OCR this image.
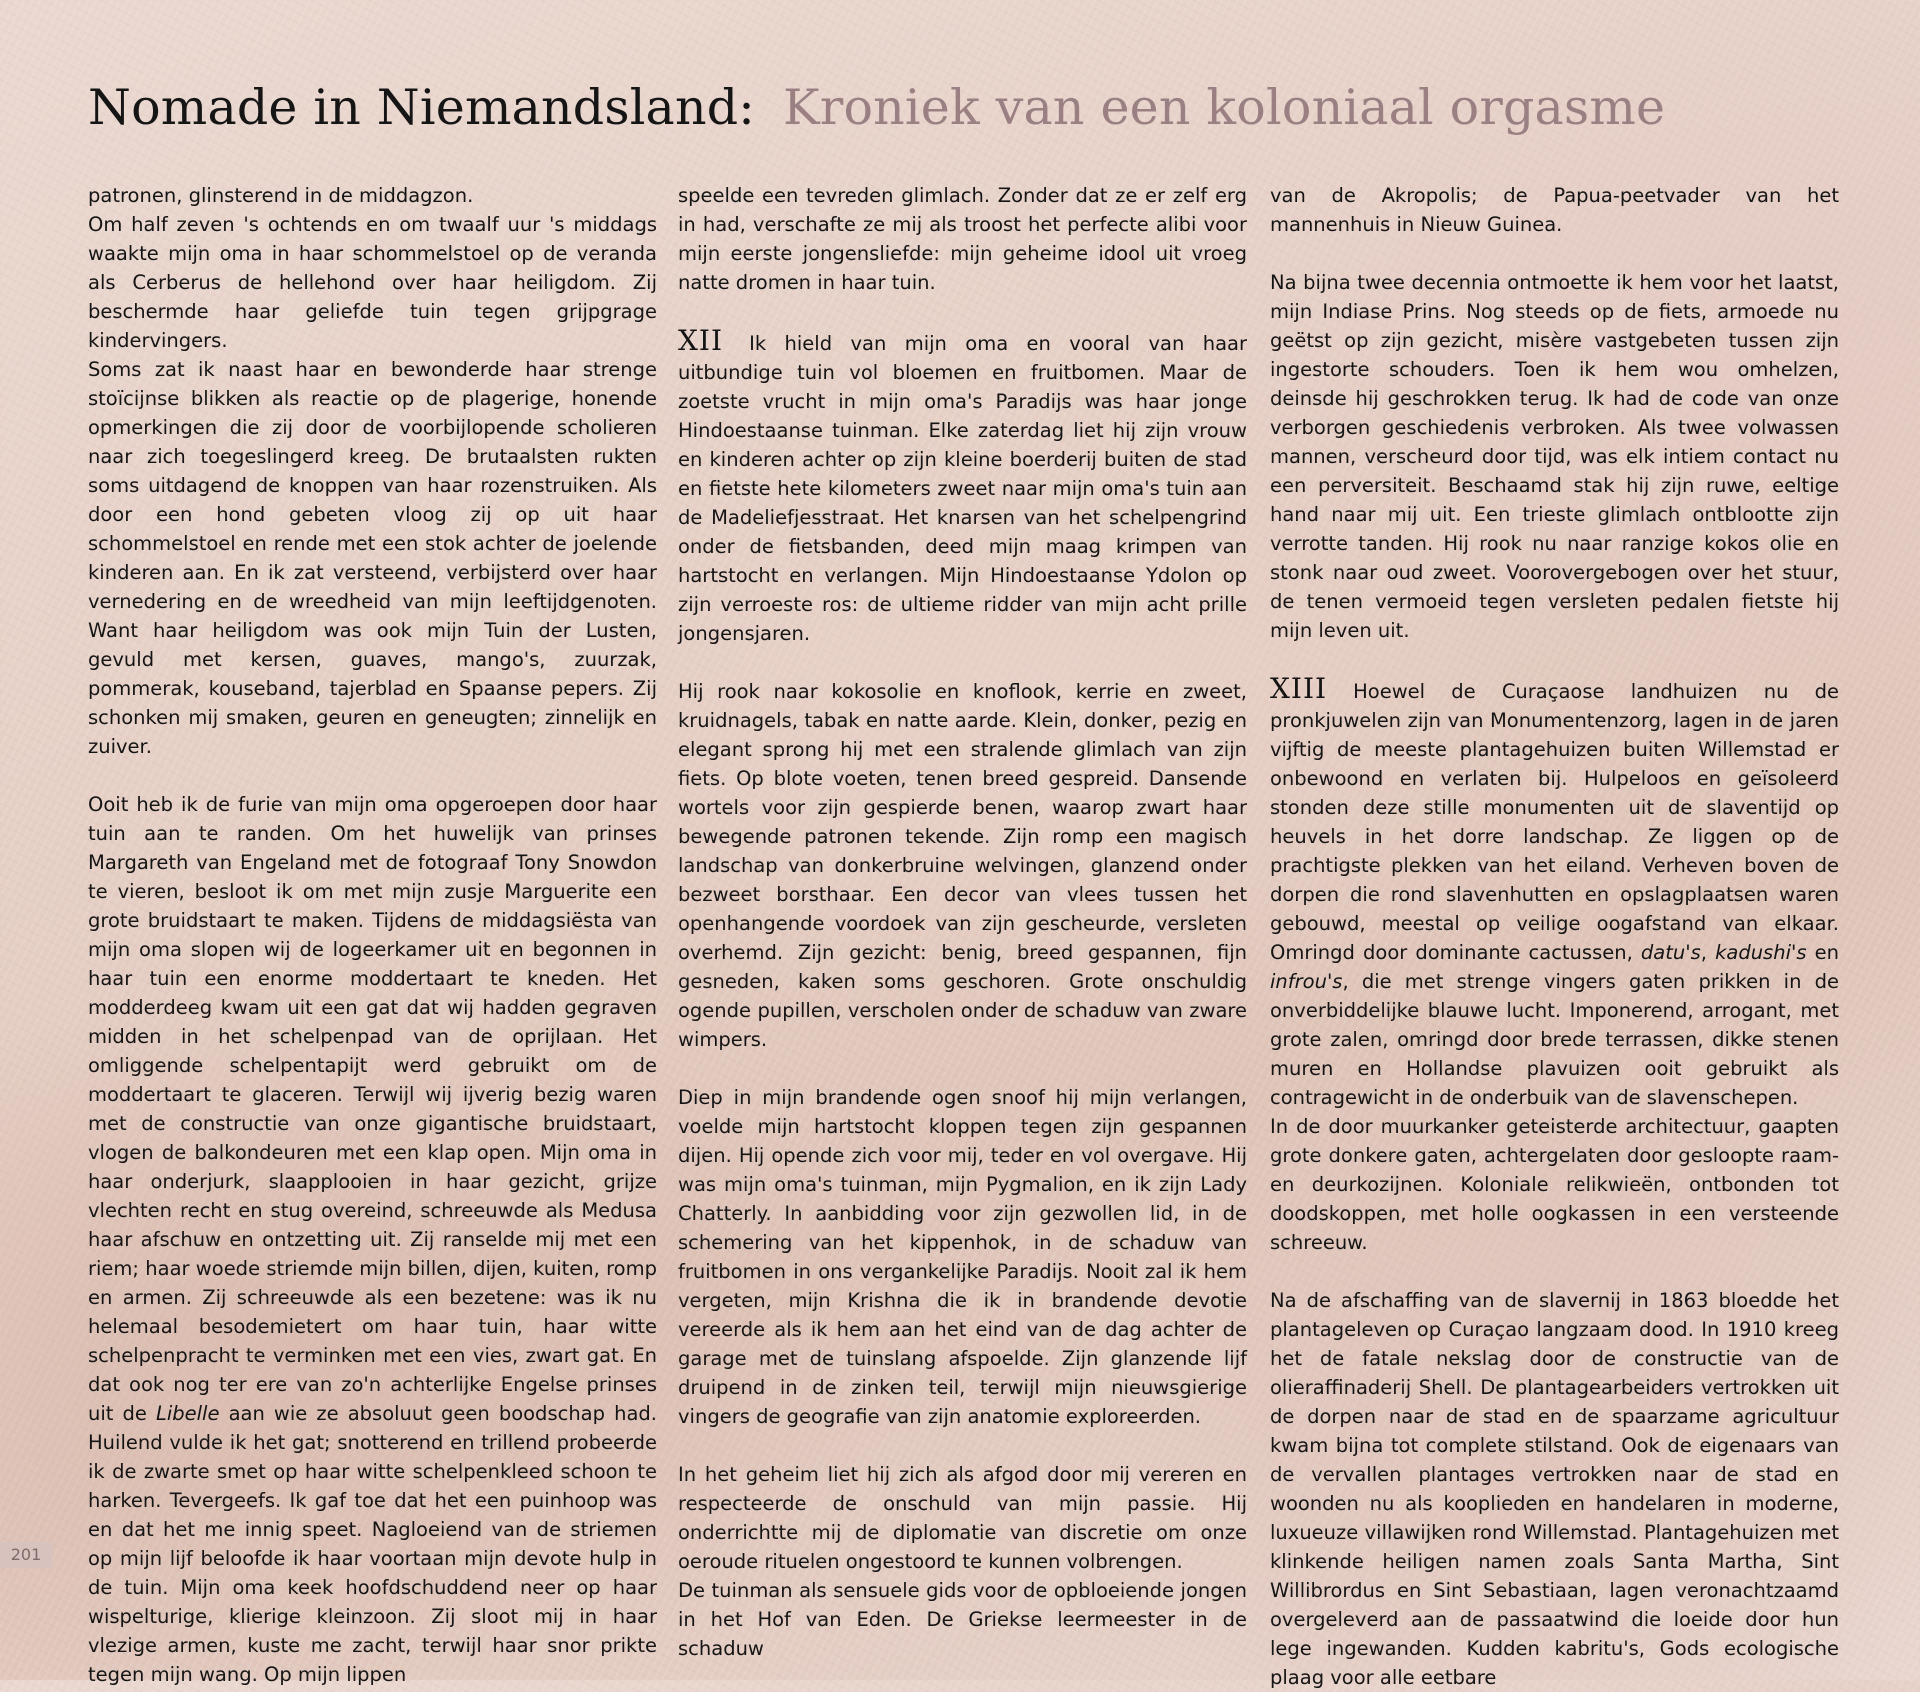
Nomade in Niemandsland: Kroniek van een koloniaal orgasme

patronen, glinsterend in de middagzon.

Om half zeven 's ochtends en om twaalf uur 's middags waakte mijn oma in haar schommelstoel op de veranda als Cerberus de hellehond over haar heiligdom. Zij beschermde haar geliefde tuin tegen grijpgrage kindervingers.

Soms zat ik naast haar en bewonderde haar strenge stoïcijnse blikken als reactie op de plagerige, honende opmerkingen die zij door de voorbijlopende scholieren naar zich toegeslingerd kreeg. De brutaalsten rukten soms uitdagend de knoppen van haar rozenstruiken. Als door een hond gebeten vloog zij op uit haar schommelstoel en rende met een stok achter de joelende kinderen aan. En ik zat versteend, verbijsterd over haar vernedering en de wreedheid van mijn leeftijdgenoten. Want haar heiligdom was ook mijn Tuin der Lusten, gevuld met kersen, guaves, mango's, zuurzak, pommerak, kouseband, tajerblad en Spaanse pepers. Zij schonken mij smaken, geuren en geneugten; zinnelijk en zuiver.

Ooit heb ik de furie van mijn oma opgeroepen door haar tuin aan te randen. Om het huwelijk van prinses Margareth van Engeland met de fotograaf Tony Snowdon te vieren, besloot ik om met mijn zusje Marguerite een grote bruidstaart te maken. Tijdens de middagsiësta van mijn oma slopen wij de logeerkamer uit en begonnen in haar tuin een enorme moddertaart te kneden. Het modderdeeg kwam uit een gat dat wij hadden gegraven midden in het schelpenpad van de oprijlaan. Het omliggende schelpentapijt werd gebruikt om de moddertaart te glaceren. Terwijl wij ijverig bezig waren met de constructie van onze gigantische bruidstaart, vlogen de balkondeuren met een klap open. Mijn oma in haar onderjurk, slaapplooien in haar gezicht, grijze vlechten recht en stug overeind, schreeuwde als Medusa haar afschuw en ontzetting uit. Zij ranselde mij met een riem; haar woede striemde mijn billen, dijen, kuiten, romp en armen. Zij schreeuwde als een bezetene: was ik nu helemaal besodemietert om haar tuin, haar witte schelpenpracht te verminken met een vies, zwart gat. En dat ook nog ter ere van zo'n achterlijke Engelse prinses uit de Libelle aan wie ze absoluut geen boodschap had. Huilend vulde ik het gat; snotterend en trillend probeerde ik de zwarte smet op haar witte schelpenkleed schoon te harken. Tevergeefs. Ik gaf toe dat het een puinhoop was en dat het me innig speet. Nagloeiend van de striemen op mijn lijf beloofde ik haar voortaan mijn devote hulp in de tuin. Mijn oma keek hoofdschuddend neer op haar wispelturige, klierige kleinzoon. Zij sloot mij in haar vlezige armen, kuste me zacht, terwijl haar snor prikte tegen mijn wang. Op mijn lippen

speelde een tevreden glimlach. Zonder dat ze er zelf erg in had, verschafte ze mij als troost het perfecte alibi voor mijn eerste jongensliefde: mijn geheime idool uit vroeg natte dromen in haar tuin.

XII Ik hield van mijn oma en vooral van haar uitbundige tuin vol bloemen en fruitbomen. Maar de zoetste vrucht in mijn oma's Paradijs was haar jonge Hindoestaanse tuinman. Elke zaterdag liet hij zijn vrouw en kinderen achter op zijn kleine boerderij buiten de stad en fietste hete kilometers zweet naar mijn oma's tuin aan de Madeliefjesstraat. Het knarsen van het schelpengrind onder de fietsbanden, deed mijn maag krimpen van hartstocht en verlangen. Mijn Hindoestaanse Ydolon op zijn verroeste ros: de ultieme ridder van mijn acht prille jongensjaren.

Hij rook naar kokosolie en knoflook, kerrie en zweet, kruidnagels, tabak en natte aarde. Klein, donker, pezig en elegant sprong hij met een stralende glimlach van zijn fiets. Op blote voeten, tenen breed gespreid. Dansende wortels voor zijn gespierde benen, waarop zwart haar bewegende patronen tekende. Zijn romp een magisch landschap van donkerbruine welvingen, glanzend onder bezweet borsthaar. Een decor van vlees tussen het openhangende voordoek van zijn gescheurde, versleten overhemd. Zijn gezicht: benig, breed gespannen, fijn gesneden, kaken soms geschoren. Grote onschuldig ogende pupillen, verscholen onder de schaduw van zware wimpers.

Diep in mijn brandende ogen snoof hij mijn verlangen, voelde mijn hartstocht kloppen tegen zijn gespannen dijen. Hij opende zich voor mij, teder en vol overgave. Hij was mijn oma's tuinman, mijn Pygmalion, en ik zijn Lady Chatterly. In aanbidding voor zijn gezwollen lid, in de schemering van het kippenhok, in de schaduw van fruitbomen in ons vergankelijke Paradijs. Nooit zal ik hem vergeten, mijn Krishna die ik in brandende devotie vereerde als ik hem aan het eind van de dag achter de garage met de tuinslang afspoelde. Zijn glanzende lijf druipend in de zinken teil, terwijl mijn nieuwsgierige vingers de geografie van zijn anatomie exploreerden.

In het geheim liet hij zich als afgod door mij vereren en respecteerde de onschuld van mijn passie. Hij onderrichtte mij de diplomatie van discretie om onze oeroude rituelen ongestoord te kunnen volbrengen.

De tuinman als sensuele gids voor de opbloeiende jongen in het Hof van Eden. De Griekse leermeester in de schaduw

van de Akropolis; de Papua-peetvader van het mannenhuis in Nieuw Guinea.

Na bijna twee decennia ontmoette ik hem voor het laatst, mijn Indiase Prins. Nog steeds op de fiets, armoede nu geëtst op zijn gezicht, misère vastgebeten tussen zijn ingestorte schouders. Toen ik hem wou omhelzen, deinsde hij geschrokken terug. Ik had de code van onze verborgen geschiedenis verbroken. Als twee volwassen mannen, verscheurd door tijd, was elk intiem contact nu een perversiteit. Beschaamd stak hij zijn ruwe, eeltige hand naar mij uit. Een trieste glimlach ontblootte zijn verrotte tanden. Hij rook nu naar ranzige kokos olie en stonk naar oud zweet. Voorovergebogen over het stuur, de tenen vermoeid tegen versleten pedalen fietste hij mijn leven uit.

XIII Hoewel de Curaçaose landhuizen nu de pronkjuwelen zijn van Monumentenzorg, lagen in de jaren vijftig de meeste plantagehuizen buiten Willemstad er onbewoond en verlaten bij. Hulpeloos en geïsoleerd stonden deze stille monumenten uit de slaventijd op heuvels in het dorre landschap. Ze liggen op de prachtigste plekken van het eiland. Verheven boven de dorpen die rond slavenhutten en opslagplaatsen waren gebouwd, meestal op veilige oogafstand van elkaar. Omringd door dominante cactussen, datu's, kadushi's en infrou's, die met strenge vingers gaten prikken in de onverbiddelijke blauwe lucht. Imponerend, arrogant, met grote zalen, omringd door brede terrassen, dikke stenen muren en Hollandse plavuizen ooit gebruikt als contragewicht in de onderbuik van de slavenschepen.

In de door muurkanker geteisterde architectuur, gaapten grote donkere gaten, achtergelaten door gesloopte raam- en deurkozijnen. Koloniale relikwieën, ontbonden tot doodskoppen, met holle oogkassen in een versteende schreeuw.

Na de afschaffing van de slavernij in 1863 bloedde het plantageleven op Curaçao langzaam dood. In 1910 kreeg het de fatale nekslag door de constructie van de olieraffinaderij Shell. De plantagearbeiders vertrokken uit de dorpen naar de stad en de spaarzame agricultuur kwam bijna tot complete stilstand. Ook de eigenaars van de vervallen plantages vertrokken naar de stad en woonden nu als kooplieden en handelaren in moderne, luxueuze villawijken rond Willemstad. Plantagehuizen met klinkende heiligen namen zoals Santa Martha, Sint Willibrordus en Sint Sebastiaan, lagen veronachtzaamd overgeleverd aan de passaatwind die loeide door hun lege ingewanden. Kudden kabritu's, Gods ecologische plaag voor alle eetbare

201
